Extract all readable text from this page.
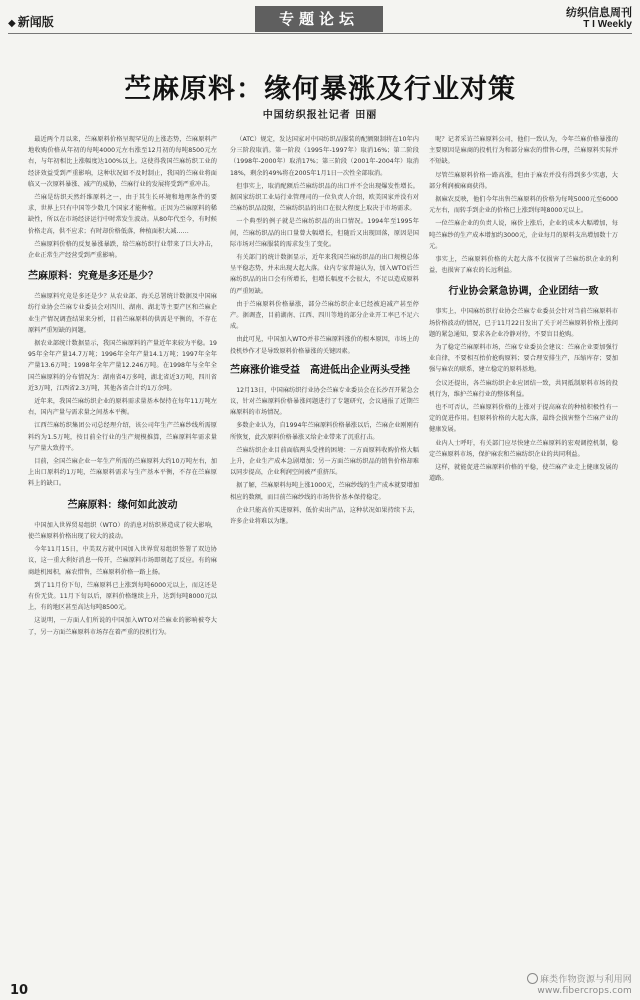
◆ 新闻版	专题论坛	纺织信息周刊
T I Weekly
苎麻原料：缘何暴涨及行业对策
中国纺织报社记者 田丽

最近两个月以来，苎麻原料价格呈现罕见的上涨态势，苎麻原料产地收购价格从年初的每吨4000元左右涨至12月初的每吨8500元左右，与年初相比上涨幅度达100%以上。这使得我国苎麻纺织工业的经济效益受到严重影响，这种状况如不及时制止，我国的苎麻业将面临又一次原料暴涨、减产的威胁，苎麻行业的发展将受到严重冲击。

苎麻是纺织天然纤维原料之一，由于其生长环境和地理条件的要求，世界上只有中国等少数几个国家才能种植。正因为苎麻原料的稀缺性，所以在市场经济运行中时常发生波动。从80年代至今，有时候价格走高，供不应求；有时却价格低落，种植面积大减……

苎麻原料价格的反复暴涨暴跌，给苎麻纺织行业带来了巨大冲击，企业正常生产经营受到严重影响。

苎麻原料：究竟是多还是少？

苎麻原料究竟是多还是少？从农业部、海关总署统计数据及中国麻纺行业协会苎麻专业委员会对四川、湖南、湖北等主要产区和苎麻企业生产情况调查结果来分析，目前苎麻原料的供需是平衡的，不存在原料严重短缺的问题。

据农业部统计数据显示，我国苎麻原料的产量近年来较为平稳。1995年全年产量14.7万吨；1996年全年产量14.1万吨；1997年全年产量13.6万吨；1998年全年产量12.246万吨。在1998年与全年全国苎麻原料的分布情况为：湖南省4万多吨，湖北省近3万吨，四川省近3万吨，江西省2.3万吨，其他各省合计约1万余吨。

近年来，我国苎麻纺织企业的原料需求量基本保持在每年11万吨左右，国内产量与需求量之间基本平衡。

江西苎麻纺织集团公司总经理介绍，该公司年生产苎麻纱线所需原料约为1.5万吨，按目前全行业的生产规模推算，苎麻原料年需求量与产量大致持平。

目前，全国苎麻企业一年生产所需的苎麻原料大约10万吨左右，加上出口原料约1万吨，苎麻原料需求与生产基本平衡，不存在苎麻原料上的缺口。

苎麻原料：缘何如此波动

中国加入世界贸易组织（WTO）的消息对纺织界造成了较大影响，使苎麻原料价格出现了较大的波动。

今年11月15日，中美双方就中国加入世界贸易组织签署了双边协议，这一重大利好消息一传开，苎麻原料市场即刻起了反应。有的麻商趁机囤积，麻农惜售，苎麻原料价格一路上扬。

到了11月份下旬，苎麻原料已上涨到每吨6000元以上，而这还是有价无货。11月下旬以后，原料价格继续上升，达到每吨8000元以上，有的地区甚至高达每吨8500元。

这说明，一方面人们所说的中国加入WTO对苎麻业的影响被夸大了，另一方面苎麻原料市场存在着严重的投机行为。

（ATC）规定，发达国家对中国纺织品服装的配额限制将在10年内分三阶段取消。第一阶段（1995年-1997年）取消16%；第二阶段（1998年-2000年）取消17%；第三阶段（2001年-2004年）取消18%，剩余的49%将在2005年1月1日一次性全部取消。

但事实上，取消配额后苎麻纺织品的出口并不会出现爆发性增长。据国家纺织工业局行业管理司的一位负责人介绍，欧美国家并没有对苎麻纺织品设限，苎麻纺织品的出口在很大程度上取决于市场需求。

一个典型的例子就是苎麻纺织品的出口情况。1994年至1995年间，苎麻纺织品的出口量曾大幅增长，但随后又出现回落，原因是国际市场对苎麻服装的需求发生了变化。

有关部门的统计数据显示，近年来我国苎麻纺织品的出口规模总体呈平稳态势，并未出现大起大落。业内专家普遍认为，加入WTO后苎麻纺织品的出口会有所增长，但增长幅度不会很大，不足以造成原料的严重短缺。

由于苎麻原料价格暴涨，部分苎麻纺织企业已经被迫减产甚至停产。据调查，目前湖南、江西、四川等地的部分企业开工率已不足六成。

由此可见，中国加入WTO并非苎麻原料涨价的根本原因，市场上的投机炒作才是导致原料价格暴涨的关键因素。

苎麻涨价谁受益　高进低出企业两头受挫

12月13日，中国麻纺织行业协会苎麻专业委员会在长沙召开紧急会议，针对苎麻原料价格暴涨问题进行了专题研究，会议通报了近期苎麻原料的市场情况。

多数企业认为，自1994年苎麻原料价格暴涨以后，苎麻企业刚刚有所恢复，此次原料价格暴涨又给企业带来了沉重打击。

苎麻纺织企业目前面临两头受挫的困境：一方面原料收购价格大幅上升，企业生产成本急剧增加；另一方面苎麻纺织品的销售价格却难以同步提高，企业利润空间被严重挤压。

据了解，苎麻原料每吨上涨1000元，苎麻纱线的生产成本就要增加相应的数额，而目前苎麻纱线的市场售价基本保持稳定。

企业只能高价买进原料、低价卖出产品，这种状况如果持续下去，许多企业将难以为继。

呢？记者采访苎麻原料公司，他们一致认为，今年苎麻价格暴涨的主要原因是麻商的投机行为和部分麻农的惜售心理，苎麻原料实际并不短缺。

尽管苎麻原料价格一路高涨，但由于麻农并没有得到多少实惠，大部分利润被麻商获得。

据麻农反映，他们今年出售苎麻原料的价格为每吨5000元至6000元左右，而转手到企业的价格已上涨到每吨8000元以上。

一位苎麻企业的负责人说，麻价上涨后，企业的成本大幅增加，每吨苎麻纱的生产成本增加约3000元，企业每月的原料支出增加数十万元。

事实上，苎麻原料价格的大起大落不仅损害了苎麻纺织企业的利益，也损害了麻农的长远利益。

行业协会紧急协调，企业团结一致

事实上，中国麻纺织行业协会苎麻专业委员会针对当前苎麻原料市场价格波动的情况，已于11月22日发出了关于对苎麻原料价格上涨问题的紧急通知，要求各企业冷静对待，不要盲目抢购。

为了稳定苎麻原料市场，苎麻专业委员会建议：苎麻企业要加强行业自律，不要相互抬价抢购原料；要合理安排生产，压缩库存；要加强与麻农的联系，建立稳定的原料基地。

会议还提出，各苎麻纺织企业应团结一致，共同抵制原料市场的投机行为，维护苎麻行业的整体利益。

也不可否认，苎麻原料价格的上涨对于提高麻农的种植积极性有一定的促进作用。但原料价格的大起大落，最终会损害整个苎麻产业的健康发展。

业内人士呼吁，有关部门应尽快建立苎麻原料的宏观调控机制，稳定苎麻原料市场，保护麻农和苎麻纺织企业的共同利益。

这样，就能促进苎麻原料价格的平稳，使苎麻产业走上健康发展的道路。

10
麻类作物资源与利用网
www.fibercrops.com
